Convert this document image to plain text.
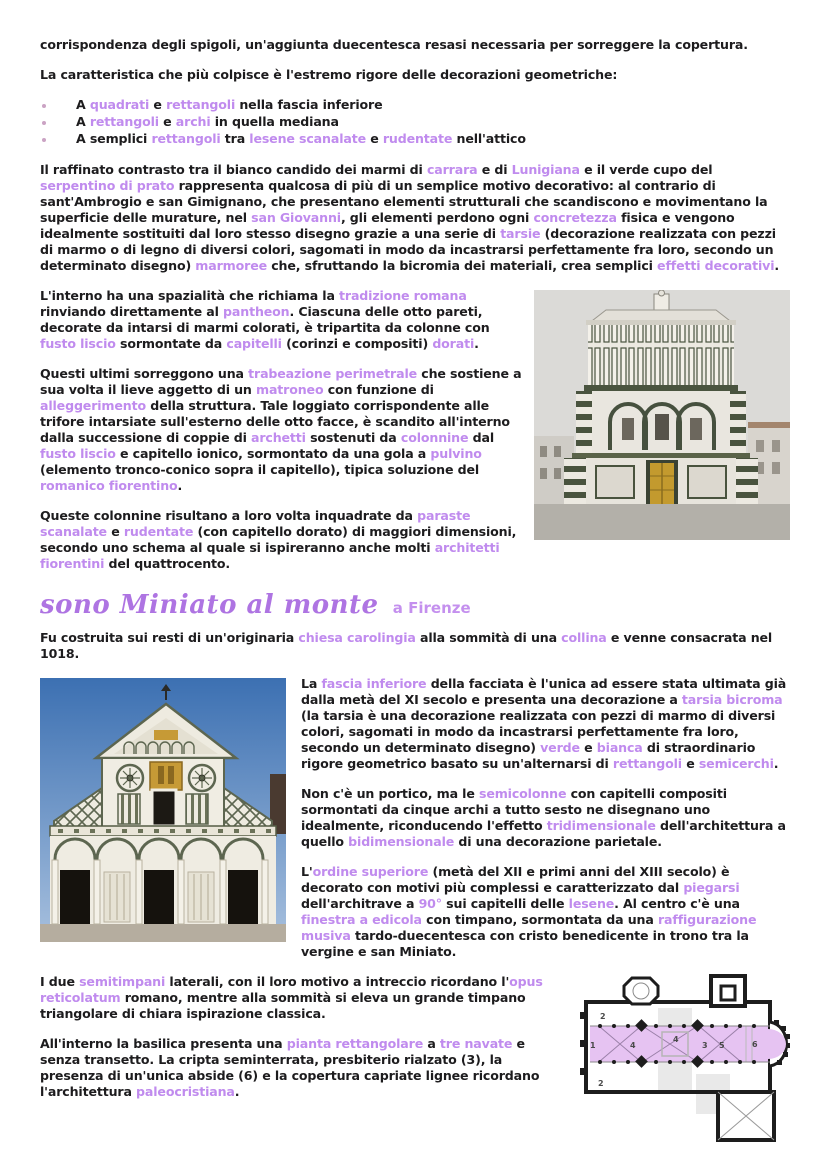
corrispondenza degli spigoli, un'aggiunta duecentesca resasi necessaria per sorreggere la copertura.

La caratteristica che più colpisce è l'estremo rigore delle decorazioni geometriche:

A quadrati e rettangoli nella fascia inferiore
A rettangoli e archi in quella mediana
A semplici rettangoli tra lesene scanalate e rudentate nell'attico

Il raffinato contrasto tra il bianco candido dei marmi di carrara e di Lunigiana e il verde cupo del serpentino di prato rappresenta qualcosa di più di un semplice motivo decorativo: al contrario di sant'Ambrogio e san Gimignano, che presentano elementi strutturali che scandiscono e movimentano la superficie delle murature, nel san Giovanni, gli elementi perdono ogni concretezza fisica e vengono idealmente sostituiti dal loro stesso disegno grazie a una serie di tarsie (decorazione realizzata con pezzi di marmo o di legno di diversi colori, sagomati in modo da incastrarsi perfettamente fra loro, secondo un determinato disegno) marmoree che, sfruttando la bicromia dei materiali, crea semplici effetti decorativi.

L'interno ha una spazialità che richiama la tradizione romana rinviando direttamente al pantheon. Ciascuna delle otto pareti, decorate da intarsi di marmi colorati, è tripartita da colonne con fusto liscio sormontate da capitelli (corinzi e compositi) dorati.

Questi ultimi sorreggono una trabeazione perimetrale che sostiene a sua volta il lieve aggetto di un matroneo con funzione di alleggerimento della struttura. Tale loggiato corrispondente alle trifore intarsiate sull'esterno delle otto facce, è scandito all'interno dalla successione di coppie di archetti sostenuti da colonnine dal fusto liscio e capitello ionico, sormontato da una gola a pulvino (elemento tronco-conico sopra il capitello), tipica soluzione del romanico fiorentino.

Queste colonnine risultano a loro volta inquadrate da paraste scanalate e rudentate (con capitello dorato) di maggiori dimensioni, secondo uno schema al quale si ispireranno anche molti architetti fiorentini del quattrocento.

sono Miniato al monte a Firenze

Fu costruita sui resti di un'originaria chiesa carolingia alla sommità di una collina e venne consacrata nel 1018.

La fascia inferiore della facciata è l'unica ad essere stata ultimata già dalla metà del XI secolo e presenta una decorazione a tarsia bicroma (la tarsia è una decorazione realizzata con pezzi di marmo di diversi colori, sagomati in modo da incastrarsi perfettamente fra loro, secondo un determinato disegno) verde e bianca di straordinario rigore geometrico basato su un'alternarsi di rettangoli e semicerchi.

Non c'è un portico, ma le semicolonne con capitelli compositi sormontati da cinque archi a tutto sesto ne disegnano uno idealmente, riconducendo l'effetto tridimensionale dell'architettura a quello bidimensionale di una decorazione parietale.

L'ordine superiore (metà del XII e primi anni del XIII secolo) è decorato con motivi più complessi e caratterizzato dal piegarsi dell'architrave a 90° sui capitelli delle lesene. Al centro c'è una finestra a edicola con timpano, sormontata da una raffigurazione musiva tardo-duecentesca con cristo benedicente in trono tra la vergine e san Miniato.

2
2
1	4
4
3 5	6

I due semitimpani laterali, con il loro motivo a intreccio ricordano l'opus reticolatum romano, mentre alla sommità si eleva un grande timpano triangolare di chiara ispirazione classica.

All'interno la basilica presenta una pianta rettangolare a tre navate e senza transetto. La cripta seminterrata, presbiterio rialzato (3), la presenza di un'unica abside (6) e la copertura capriate lignee ricordano l'architettura paleocristiana.
